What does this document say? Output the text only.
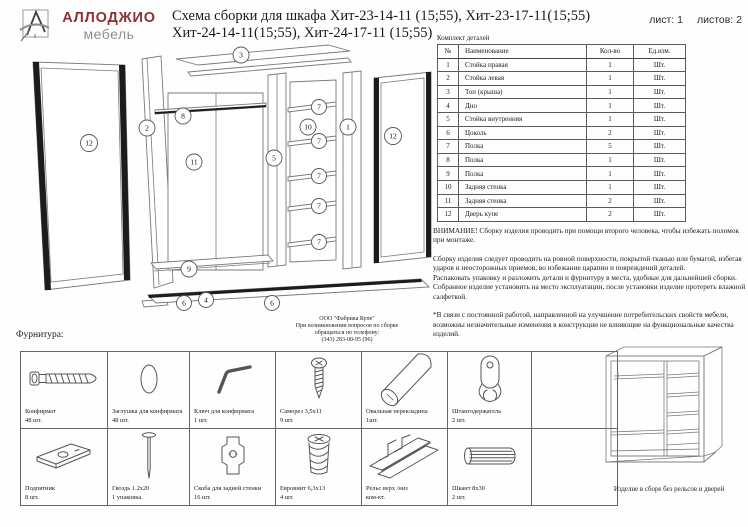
АЛЛОДЖИО
мебель
Схема сборки для шкафа Хит-23-14-11 (15;55), Хит-23-17-11(15;55)
Хит-24-14-11(15;55), Хит-24-17-11 (15;55)
лист: 1 листов: 2
Комплект деталей
№	Наименование	Кол-во	Ед.изм.
1	Стойка правая	1	Шт.
2	Стойка левая	1	Шт.
3	Топ (крыша)	1	Шт.
4	Дно	1	Шт.
5	Стойка внутренняя	1	Шт.
6	Цоколь	2	Шт.
7	Полка	5	Шт.
8	Полка	1	Шт.
9	Полка	1	Шт.
10	Задняя стенка	1	Шт.
11	Задняя стенка	2	Шт.
12	Дверь купе	2	Шт.

ВНИМАНИЕ! Сборку изделия проводить при помощи второго человека, чтобы избежать поломок при монтаже.

Сборку изделия следует проводить на ровной поверхности, покрытой тканью или бумагой, избегая ударов и неосторожных приемов, во избежание царапин и повреждений деталей.

Распаковать упаковку и разложить детали и фурнитуру в места, удобные для дальнейшей сборки.

Собранное изделие установить на место эксплуатации, после установки изделие протереть влажной салфеткой.

*В связи с постоянной работой, направленной на улучшение потребительских свойств мебели, возможны незначительные изменения в конструкции не влияющие на функциональные качества изделий.

3
8
2
12
11	5
10
7
7
7
7
7
1
12
9
6 4	6
ООО "Фабрика Купе"
При возникновении вопросов по сборке
обращаться по телефону:
(343) 283-00-95 (96)
Фурнитура:
Конфирмат
48 шт.
Заглушка для конфирмата
48 шт.
Ключ для конфирмата
1 шт.
Саморез 3,5х11
9 шт.
Овальная перекладина
1шт.
Штангодержатель
2 шт.
Подпятник
8 шт.
Гвоздь 1.2х20
1 упаковка.
Скоба для задней стенки
16 шт.
Евровинт 6,3х13
4 шт.
Рельс верх /низ
ком-кт.
Шкант 8х30
2 шт.
Изделие в сборе без рельсов и дверей
